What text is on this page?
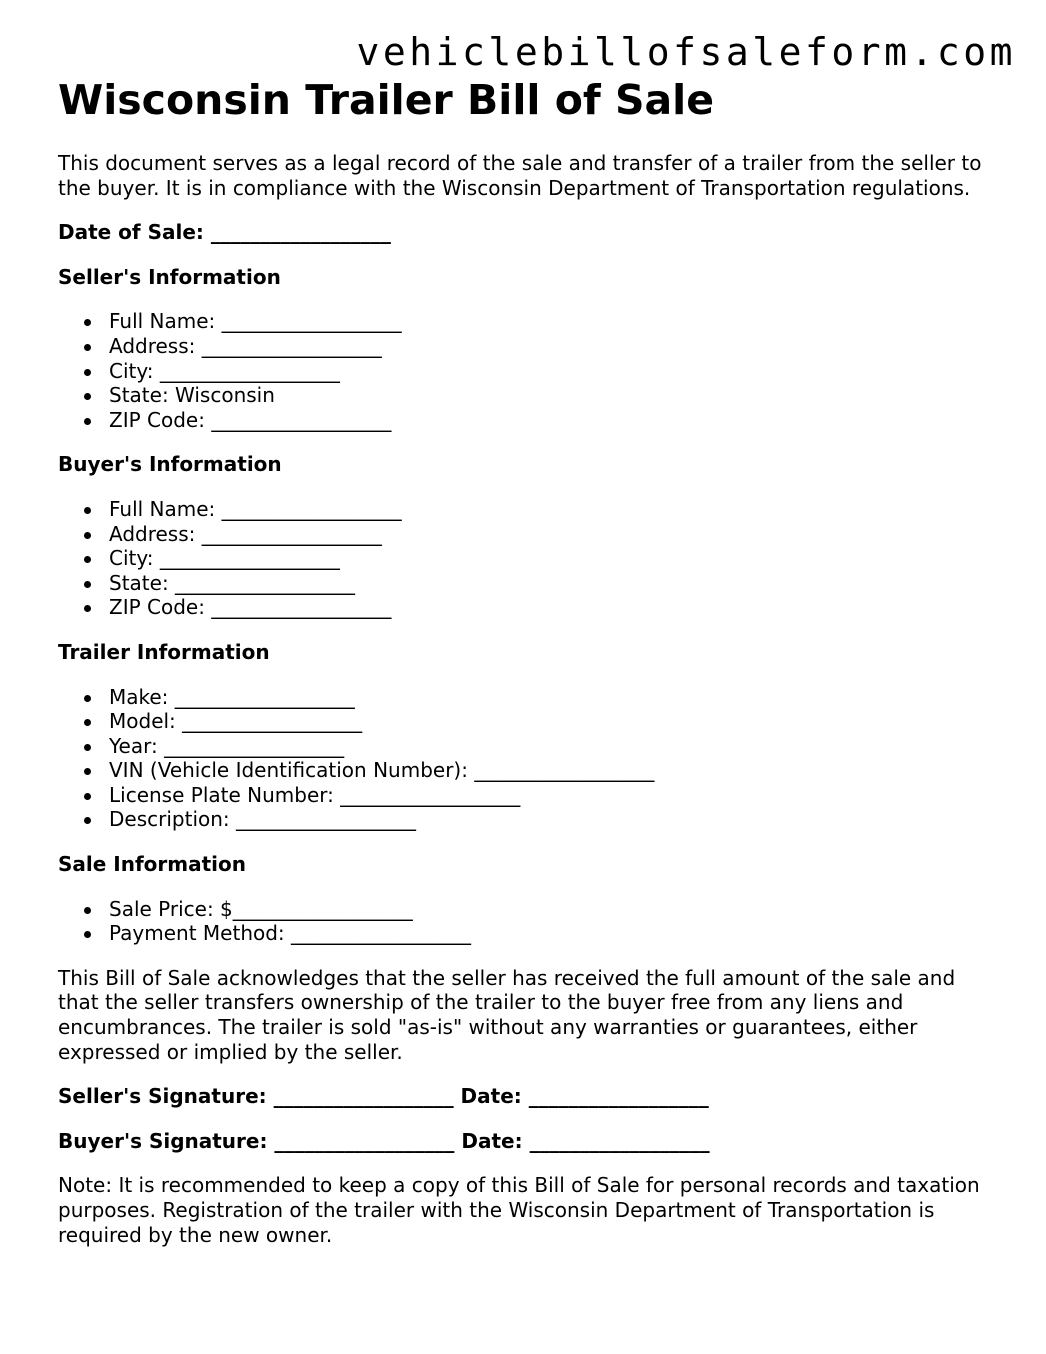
vehiclebillofsaleform.com
Wisconsin Trailer Bill of Sale

This document serves as a legal record of the sale and transfer of a trailer from the seller to the buyer. It is in compliance with the Wisconsin Department of Transportation regulations.

Date of Sale: __________________

Seller's Information
Full Name: __________________
Address: __________________
City: __________________
State: Wisconsin
ZIP Code: __________________
Buyer's Information
Full Name: __________________
Address: __________________
City: __________________
State: __________________
ZIP Code: __________________
Trailer Information
Make: __________________
Model: __________________
Year: __________________
VIN (Vehicle Identification Number): __________________
License Plate Number: __________________
Description: __________________
Sale Information
Sale Price: $__________________
Payment Method: __________________

This Bill of Sale acknowledges that the seller has received the full amount of the sale and that the seller transfers ownership of the trailer to the buyer free from any liens and encumbrances. The trailer is sold "as-is" without any warranties or guarantees, either expressed or implied by the seller.

Seller's Signature: __________________ Date: __________________

Buyer's Signature: __________________ Date: __________________

Note: It is recommended to keep a copy of this Bill of Sale for personal records and taxation purposes. Registration of the trailer with the Wisconsin Department of Transportation is required by the new owner.
